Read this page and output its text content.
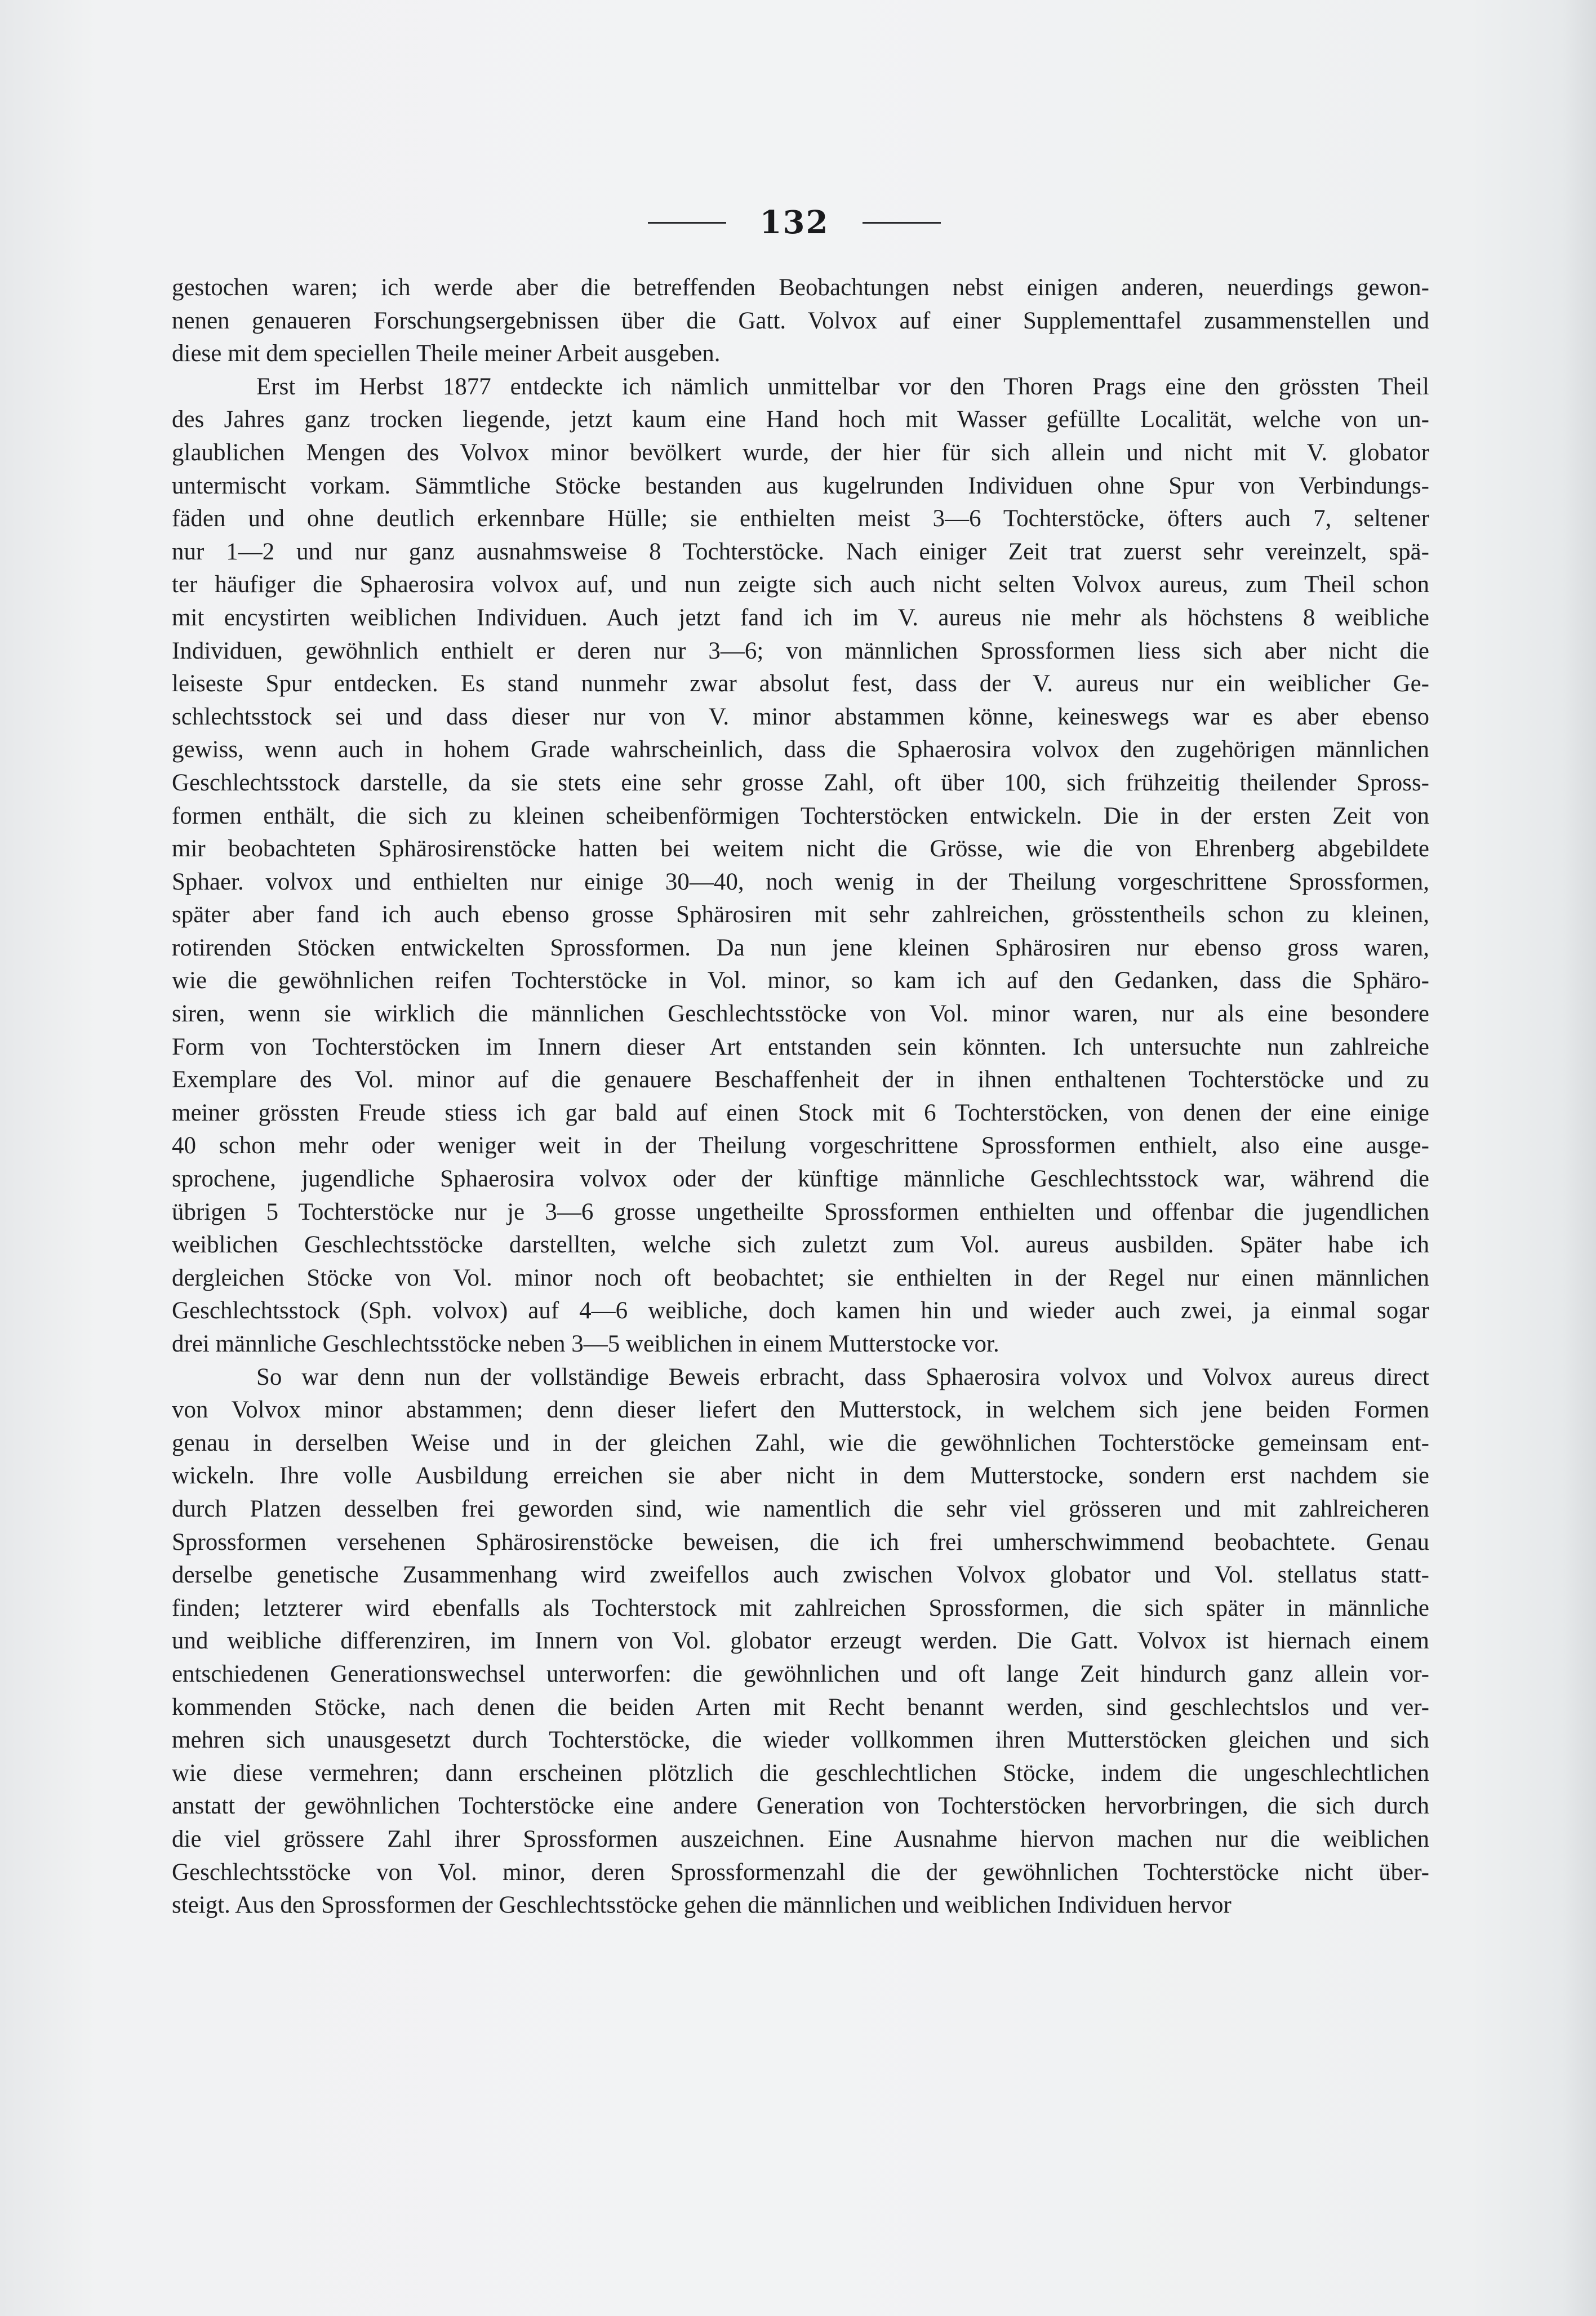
132
gestochen waren; ich werde aber die betreffenden Beobachtungen nebst einigen anderen, neuerdings gewon-
nenen genaueren Forschungsergebnissen über die Gatt. Volvox auf einer Supplementtafel zusammenstellen und
diese mit dem speciellen Theile meiner Arbeit ausgeben.
Erst im Herbst 1877 entdeckte ich nämlich unmittelbar vor den Thoren Prags eine den grössten Theil
des Jahres ganz trocken liegende, jetzt kaum eine Hand hoch mit Wasser gefüllte Localität, welche von un-
glaublichen Mengen des Volvox minor bevölkert wurde, der hier für sich allein und nicht mit V. globator
untermischt vorkam. Sämmtliche Stöcke bestanden aus kugelrunden Individuen ohne Spur von Verbindungs-
fäden und ohne deutlich erkennbare Hülle; sie enthielten meist 3—6 Tochterstöcke, öfters auch 7, seltener
nur 1—2 und nur ganz ausnahmsweise 8 Tochterstöcke. Nach einiger Zeit trat zuerst sehr vereinzelt, spä-
ter häufiger die Sphaerosira volvox auf, und nun zeigte sich auch nicht selten Volvox aureus, zum Theil schon
mit encystirten weiblichen Individuen. Auch jetzt fand ich im V. aureus nie mehr als höchstens 8 weibliche
Individuen, gewöhnlich enthielt er deren nur 3—6; von männlichen Sprossformen liess sich aber nicht die
leiseste Spur entdecken. Es stand nunmehr zwar absolut fest, dass der V. aureus nur ein weiblicher Ge-
schlechtsstock sei und dass dieser nur von V. minor abstammen könne, keineswegs war es aber ebenso
gewiss, wenn auch in hohem Grade wahrscheinlich, dass die Sphaerosira volvox den zugehörigen männlichen
Geschlechtsstock darstelle, da sie stets eine sehr grosse Zahl, oft über 100, sich frühzeitig theilender Spross-
formen enthält, die sich zu kleinen scheibenförmigen Tochterstöcken entwickeln. Die in der ersten Zeit von
mir beobachteten Sphärosirenstöcke hatten bei weitem nicht die Grösse, wie die von Ehrenberg abgebildete
Sphaer. volvox und enthielten nur einige 30—40, noch wenig in der Theilung vorgeschrittene Sprossformen,
später aber fand ich auch ebenso grosse Sphärosiren mit sehr zahlreichen, grösstentheils schon zu kleinen,
rotirenden Stöcken entwickelten Sprossformen. Da nun jene kleinen Sphärosiren nur ebenso gross waren,
wie die gewöhnlichen reifen Tochterstöcke in Vol. minor, so kam ich auf den Gedanken, dass die Sphäro-
siren, wenn sie wirklich die männlichen Geschlechtsstöcke von Vol. minor waren, nur als eine besondere
Form von Tochterstöcken im Innern dieser Art entstanden sein könnten. Ich untersuchte nun zahlreiche
Exemplare des Vol. minor auf die genauere Beschaffenheit der in ihnen enthaltenen Tochterstöcke und zu
meiner grössten Freude stiess ich gar bald auf einen Stock mit 6 Tochterstöcken, von denen der eine einige
40 schon mehr oder weniger weit in der Theilung vorgeschrittene Sprossformen enthielt, also eine ausge-
sprochene, jugendliche Sphaerosira volvox oder der künftige männliche Geschlechtsstock war, während die
übrigen 5 Tochterstöcke nur je 3—6 grosse ungetheilte Sprossformen enthielten und offenbar die jugendlichen
weiblichen Geschlechtsstöcke darstellten, welche sich zuletzt zum Vol. aureus ausbilden. Später habe ich
dergleichen Stöcke von Vol. minor noch oft beobachtet; sie enthielten in der Regel nur einen männlichen
Geschlechtsstock (Sph. volvox) auf 4—6 weibliche, doch kamen hin und wieder auch zwei, ja einmal sogar
drei männliche Geschlechtsstöcke neben 3—5 weiblichen in einem Mutterstocke vor.
So war denn nun der vollständige Beweis erbracht, dass Sphaerosira volvox und Volvox aureus direct
von Volvox minor abstammen; denn dieser liefert den Mutterstock, in welchem sich jene beiden Formen
genau in derselben Weise und in der gleichen Zahl, wie die gewöhnlichen Tochterstöcke gemeinsam ent-
wickeln. Ihre volle Ausbildung erreichen sie aber nicht in dem Mutterstocke, sondern erst nachdem sie
durch Platzen desselben frei geworden sind, wie namentlich die sehr viel grösseren und mit zahlreicheren
Sprossformen versehenen Sphärosirenstöcke beweisen, die ich frei umherschwimmend beobachtete. Genau
derselbe genetische Zusammenhang wird zweifellos auch zwischen Volvox globator und Vol. stellatus statt-
finden; letzterer wird ebenfalls als Tochterstock mit zahlreichen Sprossformen, die sich später in männliche
und weibliche differenziren, im Innern von Vol. globator erzeugt werden. Die Gatt. Volvox ist hiernach einem
entschiedenen Generationswechsel unterworfen: die gewöhnlichen und oft lange Zeit hindurch ganz allein vor-
kommenden Stöcke, nach denen die beiden Arten mit Recht benannt werden, sind geschlechtslos und ver-
mehren sich unausgesetzt durch Tochterstöcke, die wieder vollkommen ihren Mutterstöcken gleichen und sich
wie diese vermehren; dann erscheinen plötzlich die geschlechtlichen Stöcke, indem die ungeschlechtlichen
anstatt der gewöhnlichen Tochterstöcke eine andere Generation von Tochterstöcken hervorbringen, die sich durch
die viel grössere Zahl ihrer Sprossformen auszeichnen. Eine Ausnahme hiervon machen nur die weiblichen
Geschlechtsstöcke von Vol. minor, deren Sprossformenzahl die der gewöhnlichen Tochterstöcke nicht über-
steigt. Aus den Sprossformen der Geschlechtsstöcke gehen die männlichen und weiblichen Individuen hervor
